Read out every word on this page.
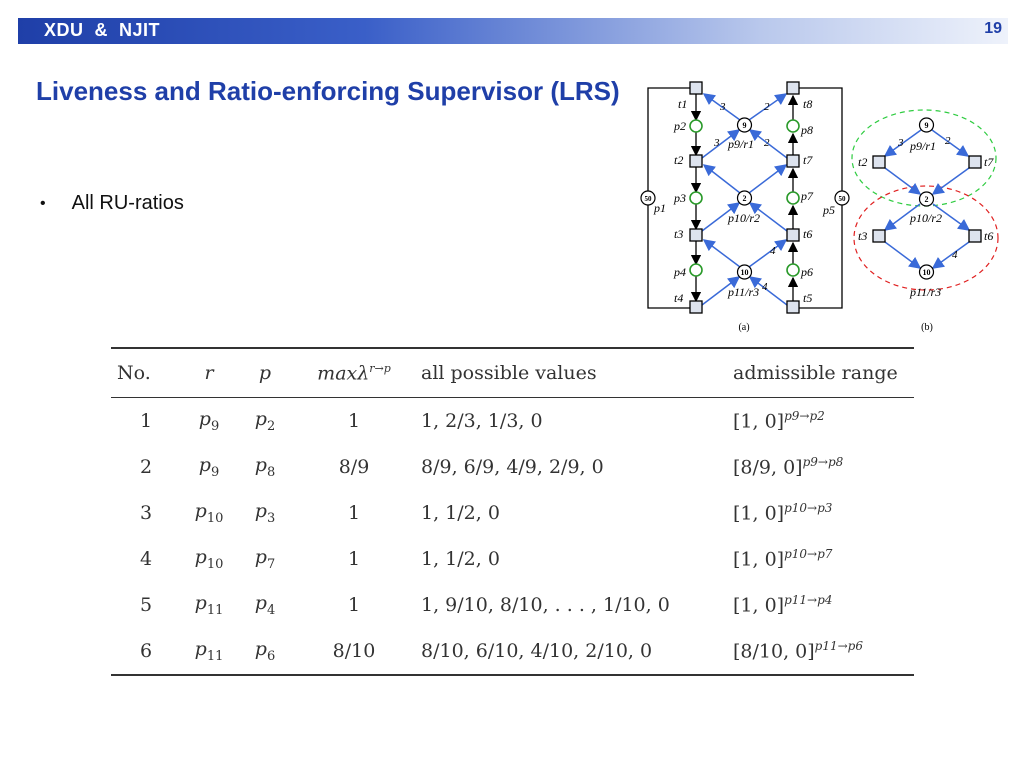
XDU  &  NJIT	19
Liveness and Ratio-enforcing Supervisor (LRS)
• All RU-ratios
9
2
10
50	50
t1	t8
t2	t7
t3	t6
t4	t5
p2	p8
p3	p7
p4	p6
p1	p5
p9/r1
p10/r2
p11/r3
3	2
3	2
4
4
(a)
9
2
10
t2	t7
t3	t6
p9/r1
p10/r2
p11/r3
3	2
4
(b)
No.	r	p	maxλ$^{r\to p}$	all possible values	admissible range
1	$p_9$	$p_2$	1	1, 2/3, 1/3, 0	[1, 0]$^{p9\to p2}$
2	$p_9$	$p_8$	8/9	8/9, 6/9, 4/9, 2/9, 0	[8/9, 0]$^{p9\to p8}$
3	$p_{10}$	$p_3$	1	1, 1/2, 0	[1, 0]$^{p10\to p3}$
4	$p_{10}$	$p_7$	1	1, 1/2, 0	[1, 0]$^{p10\to p7}$
5	$p_{11}$	$p_4$	1	1, 9/10, 8/10, . . . , 1/10, 0	[1, 0]$^{p11\to p4}$
6	$p_{11}$	$p_6$	8/10	8/10, 6/10, 4/10, 2/10, 0	[8/10, 0]$^{p11\to p6}$
